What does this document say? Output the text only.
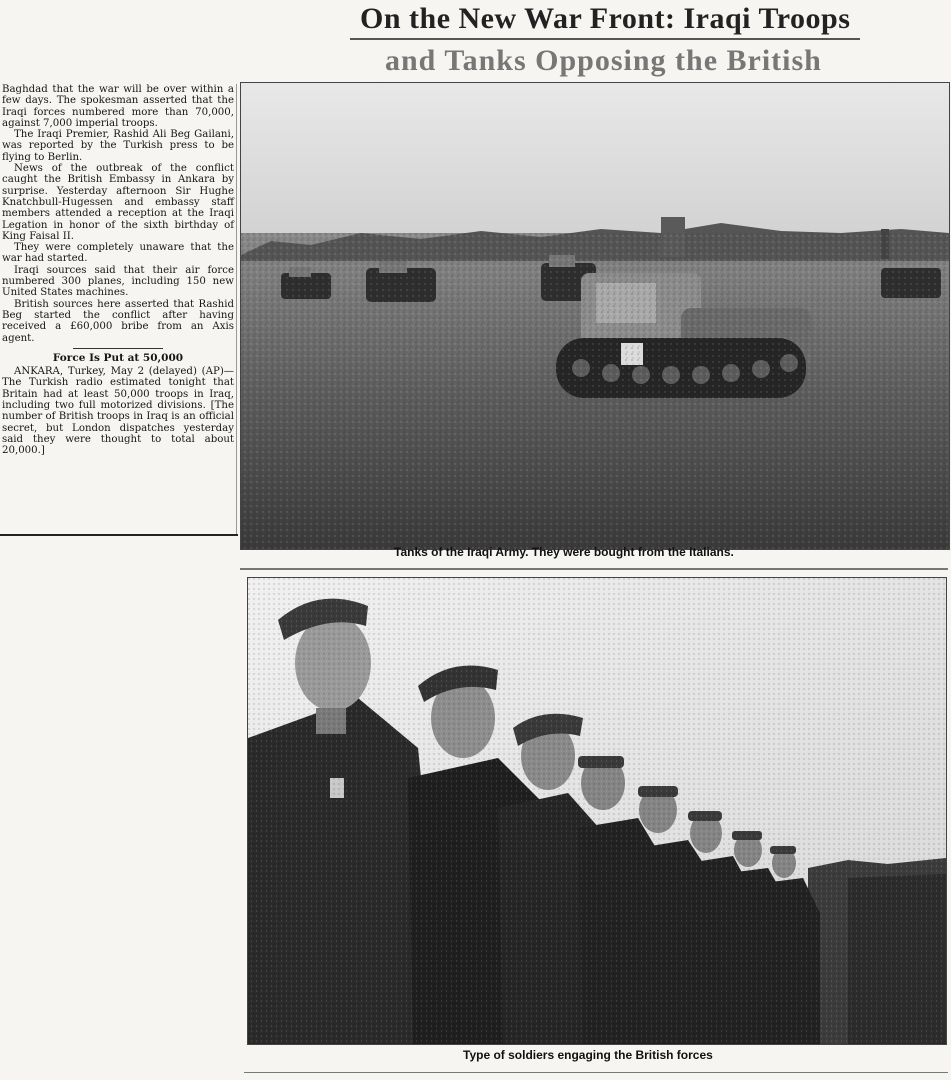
On the New War Front: Iraqi Troops
and Tanks Opposing the British

Baghdad that the war will be over within a few days. The spokesman asserted that the Iraqi forces numbered more than 70,000, against 7,000 imperial troops.

The Iraqi Premier, Rashid Ali Beg Gailani, was reported by the Turkish press to be flying to Berlin.

News of the outbreak of the conflict caught the British Embassy in Ankara by surprise. Yesterday afternoon Sir Hughe Knatchbull-Hugessen and embassy staff members attended a reception at the Iraqi Legation in honor of the sixth birthday of King Faisal II.

They were completely unaware that the war had started.

Iraqi sources said that their air force numbered 300 planes, including 150 new United States machines.

British sources here asserted that Rashid Beg started the conflict after having received a £60,000 bribe from an Axis agent.

Force Is Put at 50,000

ANKARA, Turkey, May 2 (delayed) (AP)—The Turkish radio estimated tonight that Britain had at least 50,000 troops in Iraq, including two full motorized divisions. [The number of British troops in Iraq is an official secret, but London dispatches yesterday said they were thought to total about 20,000.]

Tanks of the Iraqi Army. They were bought from the Italians.
Type of soldiers engaging the British forces
